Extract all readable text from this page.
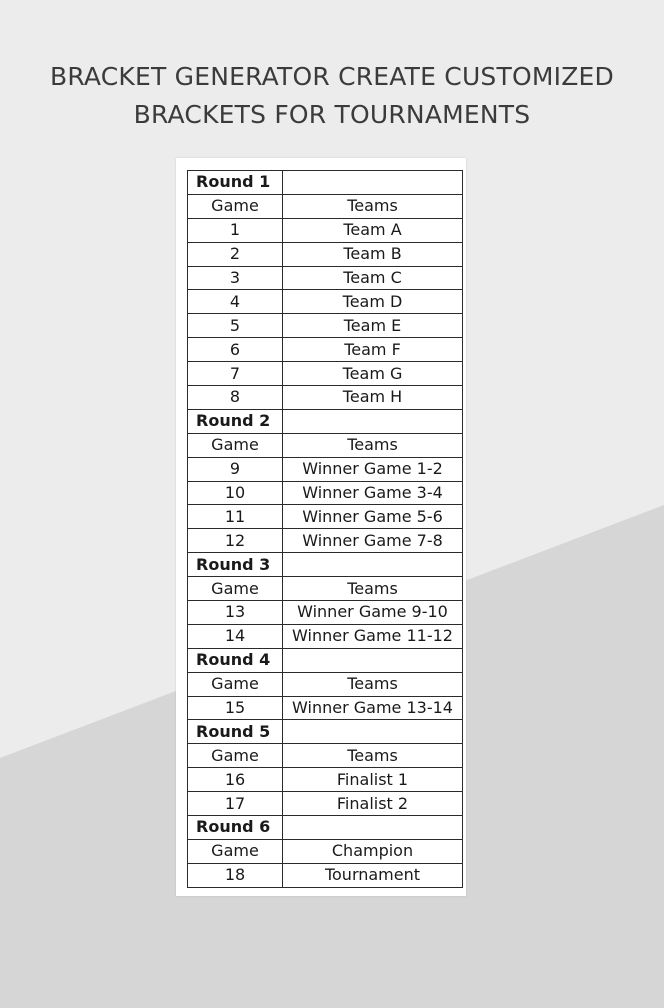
BRACKET GENERATOR CREATE CUSTOMIZED
BRACKETS FOR TOURNAMENTS
Round 1	
Game	Teams
1	Team A
2	Team B
3	Team C
4	Team D
5	Team E
6	Team F
7	Team G
8	Team H
Round 2	
Game	Teams
9	Winner Game 1-2
10	Winner Game 3-4
11	Winner Game 5-6
12	Winner Game 7-8
Round 3	
Game	Teams
13	Winner Game 9-10
14	Winner Game 11-12
Round 4	
Game	Teams
15	Winner Game 13-14
Round 5	
Game	Teams
16	Finalist 1
17	Finalist 2
Round 6	
Game	Champion
18	Tournament
